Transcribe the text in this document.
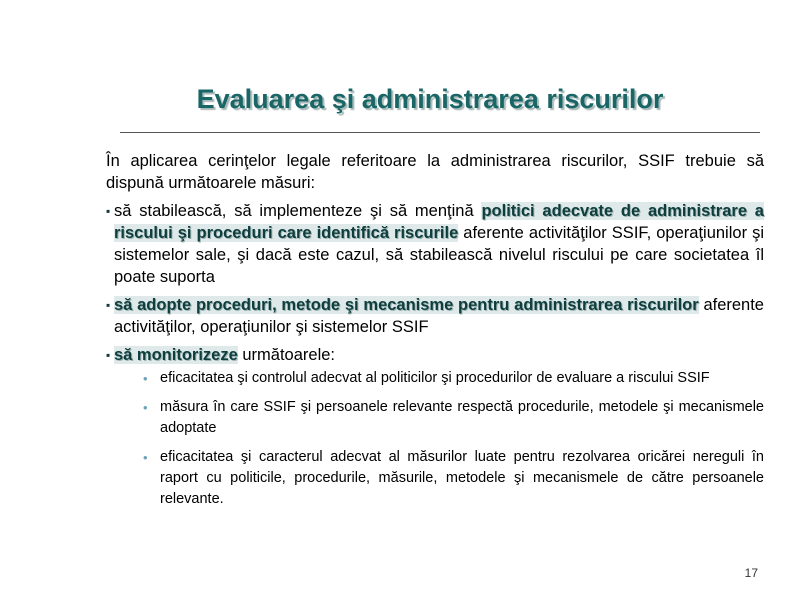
Evaluarea şi administrarea riscurilor

În aplicarea cerinţelor legale referitoare la administrarea riscurilor, SSIF trebuie să dispună următoarele măsuri:

▪ să stabilească, să implementeze şi să menţină politici adecvate de administrare a riscului şi proceduri care identifică riscurile aferente activităţilor SSIF, operaţiunilor şi sistemelor sale, şi dacă este cazul, să stabilească nivelul riscului pe care societatea îl poate suporta

▪ să adopte proceduri, metode şi mecanisme pentru administrarea riscurilor aferente activităţilor, operaţiunilor şi sistemelor SSIF

▪ să monitorizeze următoarele:

• eficacitatea şi controlul adecvat al politicilor şi procedurilor de evaluare a riscului SSIF
• măsura în care SSIF şi persoanele relevante respectă procedurile, metodele şi mecanismele adoptate
• eficacitatea şi caracterul adecvat al măsurilor luate pentru rezolvarea oricărei nereguli în raport cu politicile, procedurile, măsurile, metodele şi mecanismele de către persoanele relevante.
17
